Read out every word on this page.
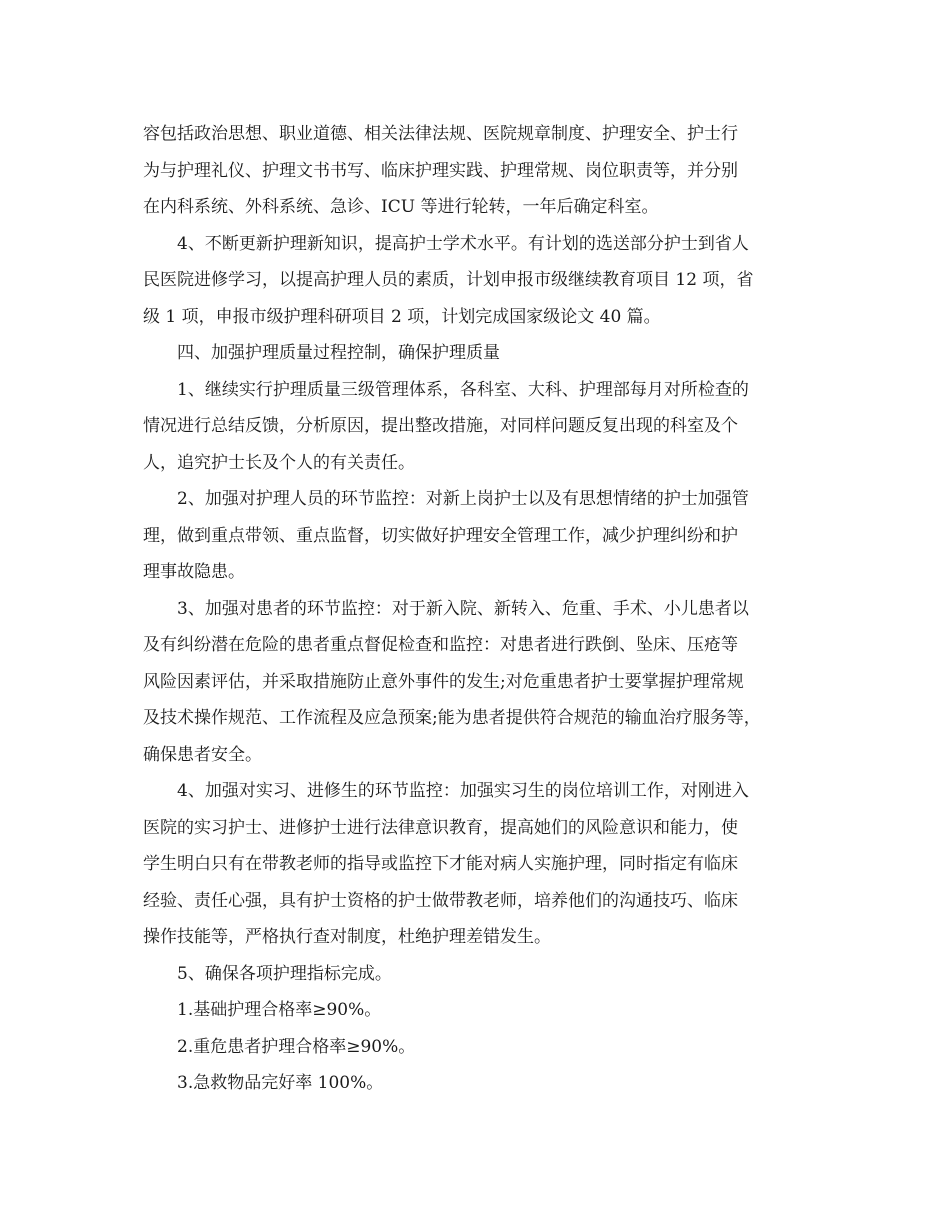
容包括政治思想、职业道德、相关法律法规、医院规章制度、护理安全、护士行
为与护理礼仪、护理文书书写、临床护理实践、护理常规、岗位职责等，并分别
在内科系统、外科系统、急诊、ICU 等进行轮转，一年后确定科室。
4、不断更新护理新知识，提高护士学术水平。有计划的选送部分护士到省人
民医院进修学习，以提高护理人员的素质，计划申报市级继续教育项目 12 项，省
级 1 项，申报市级护理科研项目 2 项，计划完成国家级论文 40 篇。
四、加强护理质量过程控制，确保护理质量
1、继续实行护理质量三级管理体系，各科室、大科、护理部每月对所检查的
情况进行总结反馈，分析原因，提出整改措施，对同样问题反复出现的科室及个
人，追究护士长及个人的有关责任。
2、加强对护理人员的环节监控：对新上岗护士以及有思想情绪的护士加强管
理，做到重点带领、重点监督，切实做好护理安全管理工作，减少护理纠纷和护
理事故隐患。
3、加强对患者的环节监控：对于新入院、新转入、危重、手术、小儿患者以
及有纠纷潜在危险的患者重点督促检查和监控：对患者进行跌倒、坠床、压疮等
风险因素评估，并采取措施防止意外事件的发生;对危重患者护士要掌握护理常规
及技术操作规范、工作流程及应急预案;能为患者提供符合规范的输血治疗服务等，
确保患者安全。
4、加强对实习、进修生的环节监控：加强实习生的岗位培训工作，对刚进入
医院的实习护士、进修护士进行法律意识教育，提高她们的风险意识和能力，使
学生明白只有在带教老师的指导或监控下才能对病人实施护理，同时指定有临床
经验、责任心强，具有护士资格的护士做带教老师，培养他们的沟通技巧、临床
操作技能等，严格执行查对制度，杜绝护理差错发生。
5、确保各项护理指标完成。
1.基础护理合格率≥90%。
2.重危患者护理合格率≥90%。
3.急救物品完好率 100%。
